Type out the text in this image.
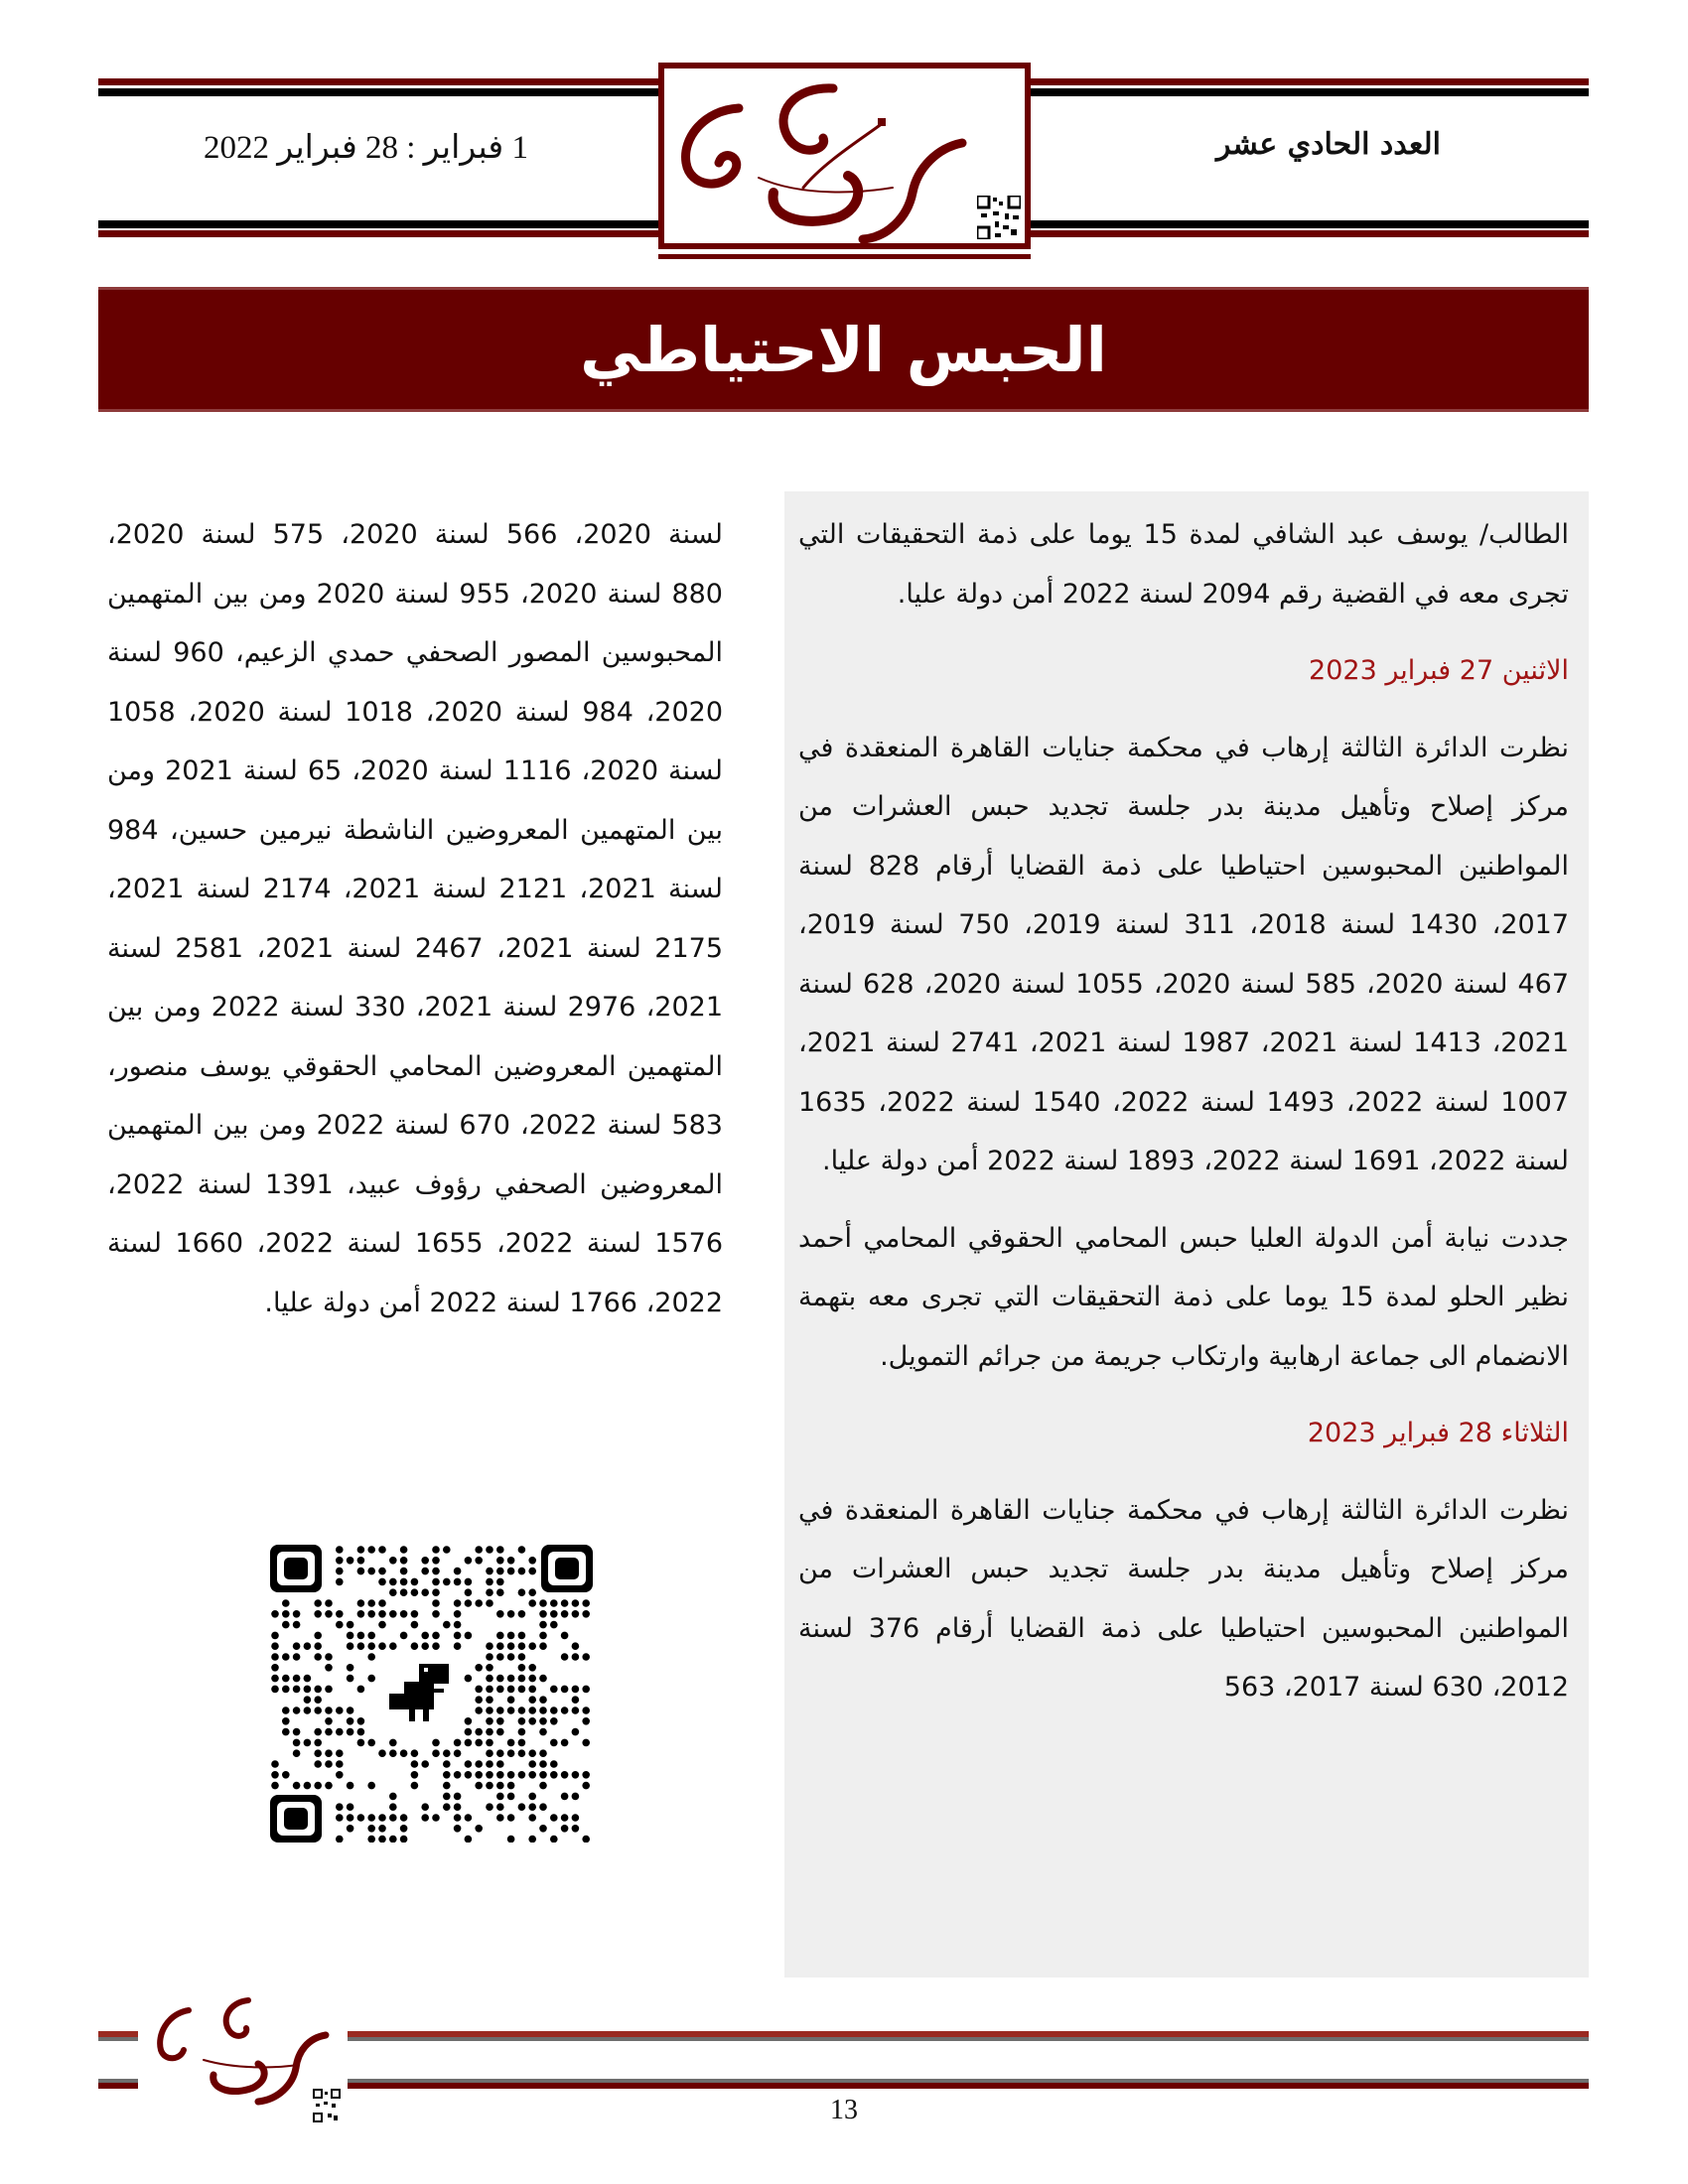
1 فبراير : 28 فبراير 2022	العدد الحادي عشر
الحبس الاحتياطي

الطالب/ يوسف عبد الشافي لمدة 15 يوما على ذمة التحقيقات التي تجرى معه في القضية رقم 2094 لسنة 2022 أمن دولة عليا.

الاثنين 27 فبراير 2023

نظرت الدائرة الثالثة إرهاب في محكمة جنايات القاهرة المنعقدة في مركز إصلاح وتأهيل مدينة بدر جلسة تجديد حبس العشرات من المواطنين المحبوسين احتياطيا على ذمة القضايا أرقام 828 لسنة 2017، 1430 لسنة 2018، 311 لسنة 2019، 750 لسنة 2019، 467 لسنة 2020، 585 لسنة 2020، 1055 لسنة 2020، 628 لسنة 2021، 1413 لسنة 2021، 1987 لسنة 2021، 2741 لسنة 2021، 1007 لسنة 2022، 1493 لسنة 2022، 1540 لسنة 2022، 1635 لسنة 2022، 1691 لسنة 2022، 1893 لسنة 2022 أمن دولة عليا.

جددت نيابة أمن الدولة العليا حبس المحامي الحقوقي المحامي أحمد نظير الحلو لمدة 15 يوما على ذمة التحقيقات التي تجرى معه بتهمة الانضمام الى جماعة ارهابية وارتكاب جريمة من جرائم التمويل.

الثلاثاء 28 فبراير 2023

نظرت الدائرة الثالثة إرهاب في محكمة جنايات القاهرة المنعقدة في مركز إصلاح وتأهيل مدينة بدر جلسة تجديد حبس العشرات من المواطنين المحبوسين احتياطيا على ذمة القضايا أرقام 376 لسنة 2012، 630 لسنة 2017، 563

لسنة 2020، 566 لسنة 2020، 575 لسنة 2020، 880 لسنة 2020، 955 لسنة 2020 ومن بين المتهمين المحبوسين المصور الصحفي حمدي الزعيم، 960 لسنة 2020، 984 لسنة 2020، 1018 لسنة 2020، 1058 لسنة 2020، 1116 لسنة 2020، 65 لسنة 2021 ومن بين المتهمين المعروضين الناشطة نيرمين حسين، 984 لسنة 2021، 2121 لسنة 2021، 2174 لسنة 2021، 2175 لسنة 2021، 2467 لسنة 2021، 2581 لسنة 2021، 2976 لسنة 2021، 330 لسنة 2022 ومن بين المتهمين المعروضين المحامي الحقوقي يوسف منصور، 583 لسنة 2022، 670 لسنة 2022 ومن بين المتهمين المعروضين الصحفي رؤوف عبيد، 1391 لسنة 2022، 1576 لسنة 2022، 1655 لسنة 2022، 1660 لسنة 2022، 1766 لسنة 2022 أمن دولة عليا.

13
